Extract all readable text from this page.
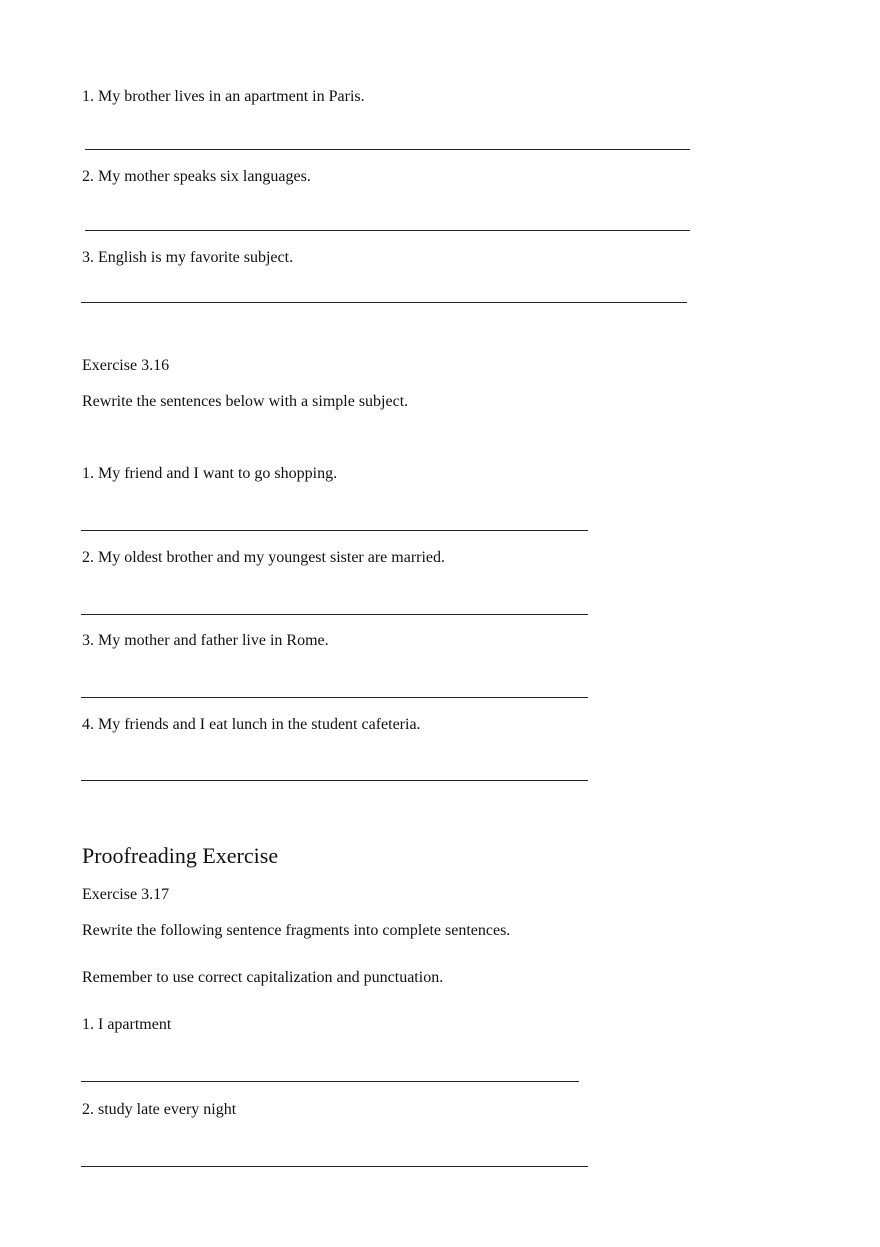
1. My brother lives in an apartment in Paris.
2. My mother speaks six languages.
3. English is my favorite subject.
Exercise 3.16
Rewrite the sentences below with a simple subject.
1. My friend and I want to go shopping.
2. My oldest brother and my youngest sister are married.
3. My mother and father live in Rome.
4. My friends and I eat lunch in the student cafeteria.
Proofreading Exercise
Exercise 3.17
Rewrite the following sentence fragments into complete sentences.
Remember to use correct capitalization and punctuation.
1. I apartment
2. study late every night
